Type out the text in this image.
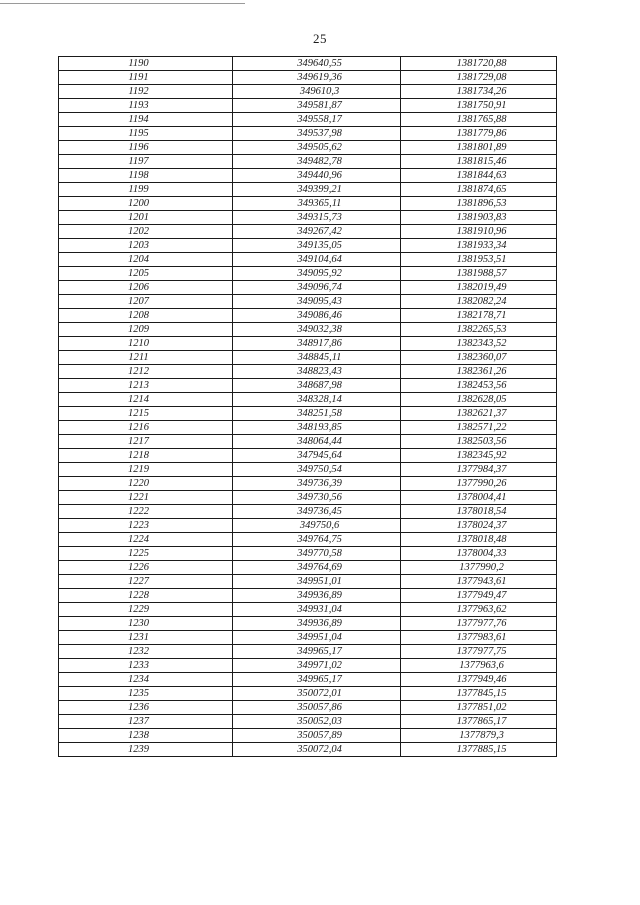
25
1190	349640,55	1381720,88
1191	349619,36	1381729,08
1192	349610,3	1381734,26
1193	349581,87	1381750,91
1194	349558,17	1381765,88
1195	349537,98	1381779,86
1196	349505,62	1381801,89
1197	349482,78	1381815,46
1198	349440,96	1381844,63
1199	349399,21	1381874,65
1200	349365,11	1381896,53
1201	349315,73	1381903,83
1202	349267,42	1381910,96
1203	349135,05	1381933,34
1204	349104,64	1381953,51
1205	349095,92	1381988,57
1206	349096,74	1382019,49
1207	349095,43	1382082,24
1208	349086,46	1382178,71
1209	349032,38	1382265,53
1210	348917,86	1382343,52
1211	348845,11	1382360,07
1212	348823,43	1382361,26
1213	348687,98	1382453,56
1214	348328,14	1382628,05
1215	348251,58	1382621,37
1216	348193,85	1382571,22
1217	348064,44	1382503,56
1218	347945,64	1382345,92
1219	349750,54	1377984,37
1220	349736,39	1377990,26
1221	349730,56	1378004,41
1222	349736,45	1378018,54
1223	349750,6	1378024,37
1224	349764,75	1378018,48
1225	349770,58	1378004,33
1226	349764,69	1377990,2
1227	349951,01	1377943,61
1228	349936,89	1377949,47
1229	349931,04	1377963,62
1230	349936,89	1377977,76
1231	349951,04	1377983,61
1232	349965,17	1377977,75
1233	349971,02	1377963,6
1234	349965,17	1377949,46
1235	350072,01	1377845,15
1236	350057,86	1377851,02
1237	350052,03	1377865,17
1238	350057,89	1377879,3
1239	350072,04	1377885,15
